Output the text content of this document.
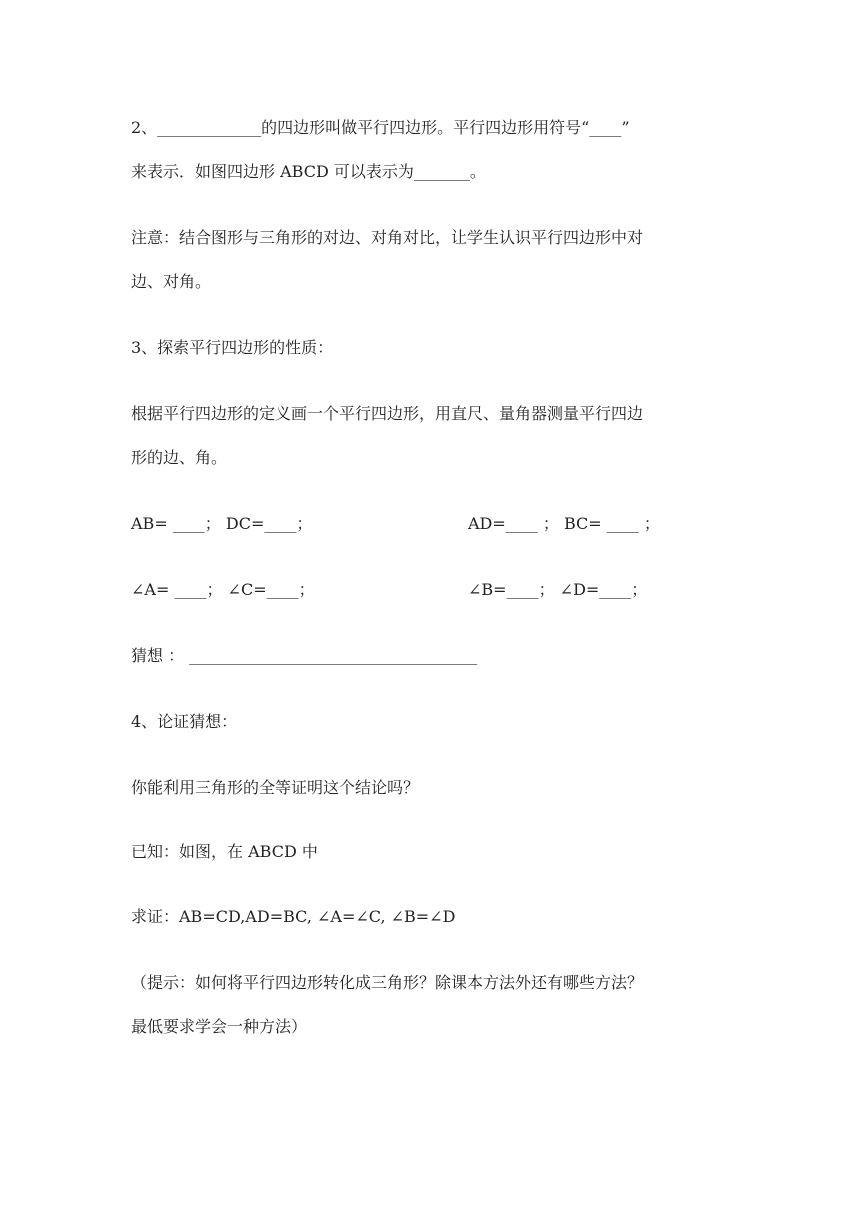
2、_____________的四边形叫做平行四边形。平行四边形用符号“____”
来表示．如图四边形 ABCD 可以表示为_______。
注意：结合图形与三角形的对边、对角对比，让学生认识平行四边形中对
边、对角。
3、探索平行四边形的性质：
根据平行四边形的定义画一个平行四边形，用直尺、量角器测量平行四边
形的边、角。
AB= ____； DC=____；	AD=____ ； BC= ____ ；
∠A= ____； ∠C=____；	∠B=____； ∠D=____；
猜想 ： ____________________________________
4、论证猜想：
你能利用三角形的全等证明这个结论吗？
已知：如图，在 ABCD 中
求证：AB=CD,AD=BC, ∠A=∠C, ∠B=∠D
（提示：如何将平行四边形转化成三角形？除课本方法外还有哪些方法？
最低要求学会一种方法）
